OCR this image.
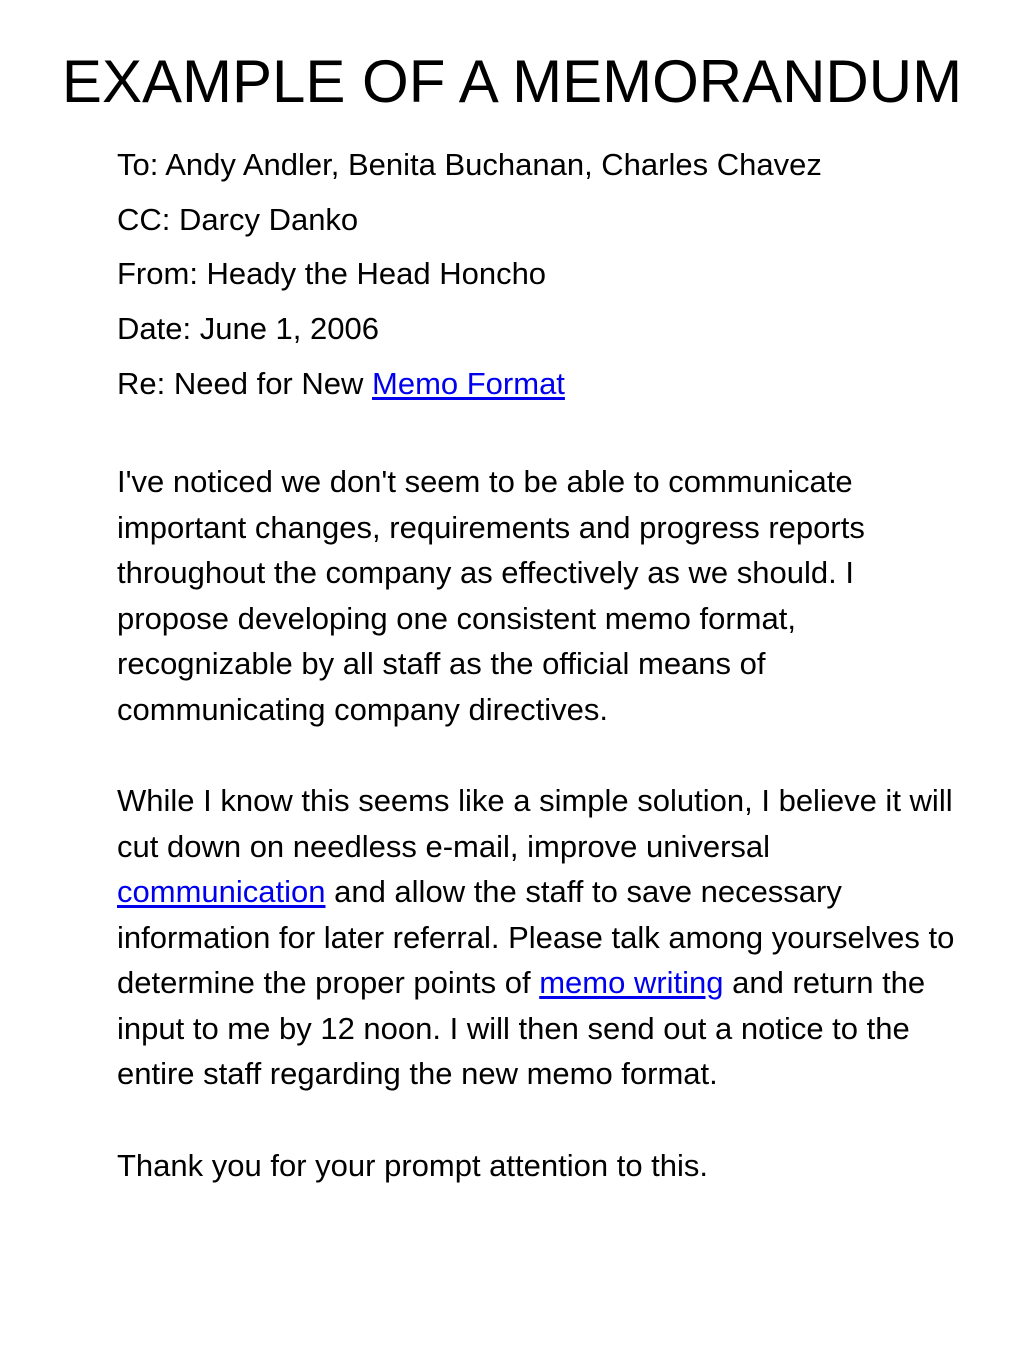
EXAMPLE OF A MEMORANDUM
To: Andy Andler, Benita Buchanan, Charles Chavez
CC: Darcy Danko
From: Heady the Head Honcho
Date: June 1, 2006
Re: Need for New Memo Format

I've noticed we don't seem to be able to communicate important changes, requirements and progress reports throughout the company as effectively as we should. I propose developing one consistent memo format, recognizable by all staff as the official means of communicating company directives.

While I know this seems like a simple solution, I believe it will cut down on needless e-mail, improve universal communication and allow the staff to save necessary information for later referral. Please talk among yourselves to determine the proper points of memo writing and return the input to me by 12 noon. I will then send out a notice to the entire staff regarding the new memo format.

Thank you for your prompt attention to this.
